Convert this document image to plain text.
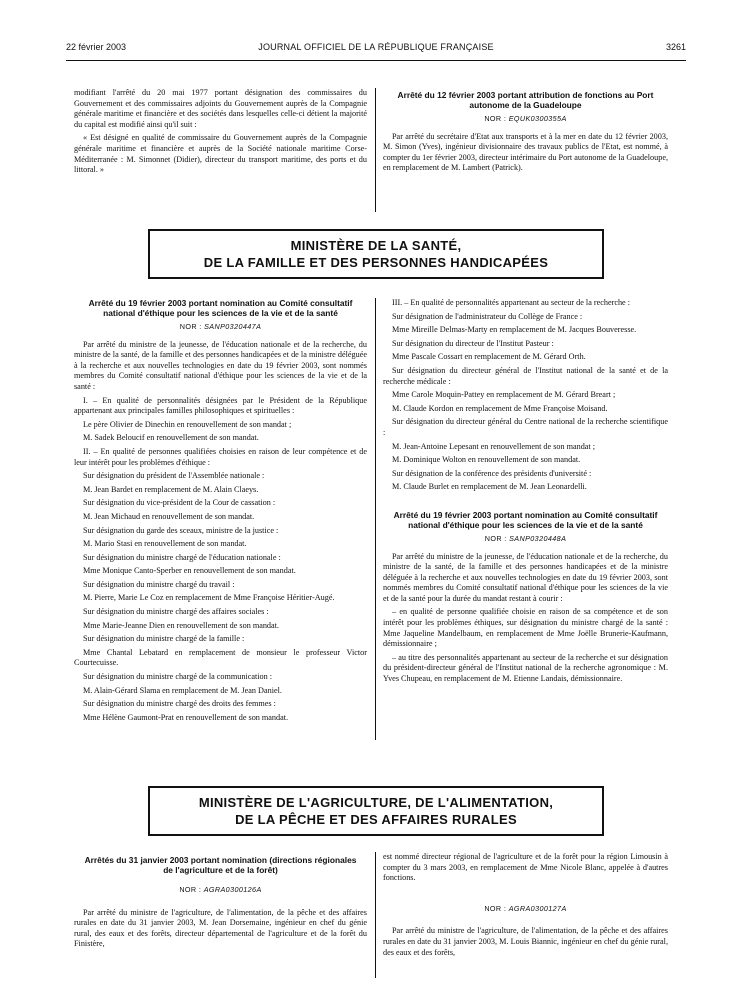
22 février 2003	JOURNAL OFFICIEL DE LA RÉPUBLIQUE FRANÇAISE	3261

modifiant l'arrêté du 20 mai 1977 portant désignation des commissaires du Gouvernement et des commissaires adjoints du Gouvernement auprès de la Compagnie générale maritime et financière et des sociétés dans lesquelles celle-ci détient la majorité du capital est modifié ainsi qu'il suit :

« Est désigné en qualité de commissaire du Gouvernement auprès de la Compagnie générale maritime et financière et auprès de la Société nationale maritime Corse-Méditerranée : M. Simonnet (Didier), directeur du transport maritime, des ports et du littoral. »

Arrêté du 12 février 2003 portant attribution de fonctions au Port autonome de la Guadeloupe
NOR : EQUK0300355A

Par arrêté du secrétaire d'Etat aux transports et à la mer en date du 12 février 2003, M. Simon (Yves), ingénieur divisionnaire des travaux publics de l'Etat, est nommé, à compter du 1er février 2003, directeur intérimaire du Port autonome de la Guadeloupe, en remplacement de M. Lambert (Patrick).

MINISTÈRE DE LA SANTÉ,
DE LA FAMILLE ET DES PERSONNES HANDICAPÉES
Arrêté du 19 février 2003 portant nomination au Comité consultatif national d'éthique pour les sciences de la vie et de la santé
NOR : SANP0320447A

Par arrêté du ministre de la jeunesse, de l'éducation nationale et de la recherche, du ministre de la santé, de la famille et des personnes handicapées et de la ministre déléguée à la recherche et aux nouvelles technologies en date du 19 février 2003, sont nommés membres du Comité consultatif national d'éthique pour les sciences de la vie et de la santé :

I. – En qualité de personnalités désignées par le Président de la République appartenant aux principales familles philosophiques et spirituelles :

Le père Olivier de Dinechin en renouvellement de son mandat ;

M. Sadek Beloucif en renouvellement de son mandat.

II. – En qualité de personnes qualifiées choisies en raison de leur compétence et de leur intérêt pour les problèmes d'éthique :

Sur désignation du président de l'Assemblée nationale :

M. Jean Bardet en remplacement de M. Alain Claeys.

Sur désignation du vice-président de la Cour de cassation :

M. Jean Michaud en renouvellement de son mandat.

Sur désignation du garde des sceaux, ministre de la justice :

M. Mario Stasi en renouvellement de son mandat.

Sur désignation du ministre chargé de l'éducation nationale :

Mme Monique Canto-Sperber en renouvellement de son mandat.

Sur désignation du ministre chargé du travail :

M. Pierre, Marie Le Coz en remplacement de Mme Françoise Héritier-Augé.

Sur désignation du ministre chargé des affaires sociales :

Mme Marie-Jeanne Dien en renouvellement de son mandat.

Sur désignation du ministre chargé de la famille :

Mme Chantal Lebatard en remplacement de monsieur le professeur Victor Courtecuisse.

Sur désignation du ministre chargé de la communication :

M. Alain-Gérard Slama en remplacement de M. Jean Daniel.

Sur désignation du ministre chargé des droits des femmes :

Mme Hélène Gaumont-Prat en renouvellement de son mandat.

III. – En qualité de personnalités appartenant au secteur de la recherche :

Sur désignation de l'administrateur du Collège de France :

Mme Mireille Delmas-Marty en remplacement de M. Jacques Bouveresse.

Sur désignation du directeur de l'Institut Pasteur :

Mme Pascale Cossart en remplacement de M. Gérard Orth.

Sur désignation du directeur général de l'Institut national de la santé et de la recherche médicale :

Mme Carole Moquin-Pattey en remplacement de M. Gérard Breart ;

M. Claude Kordon en remplacement de Mme Françoise Moisand.

Sur désignation du directeur général du Centre national de la recherche scientifique :

M. Jean-Antoine Lepesant en renouvellement de son mandat ;

M. Dominique Wolton en renouvellement de son mandat.

Sur désignation de la conférence des présidents d'université :

M. Claude Burlet en remplacement de M. Jean Leonardelli.

Arrêté du 19 février 2003 portant nomination au Comité consultatif national d'éthique pour les sciences de la vie et de la santé
NOR : SANP0320448A

Par arrêté du ministre de la jeunesse, de l'éducation nationale et de la recherche, du ministre de la santé, de la famille et des personnes handicapées et de la ministre déléguée à la recherche et aux nouvelles technologies en date du 19 février 2003, sont nommés membres du Comité consultatif national d'éthique pour les sciences de la vie et de la santé pour la durée du mandat restant à courir :

– en qualité de personne qualifiée choisie en raison de sa compétence et de son intérêt pour les problèmes éthiques, sur désignation du ministre chargé de la santé : Mme Jaqueline Mandelbaum, en remplacement de Mme Joëlle Brunerie-Kaufmann, démissionnaire ;

– au titre des personnalités appartenant au secteur de la recherche et sur désignation du président-directeur général de l'Institut national de la recherche agronomique : M. Yves Chupeau, en remplacement de M. Etienne Landais, démissionnaire.

MINISTÈRE DE L'AGRICULTURE, DE L'ALIMENTATION,
DE LA PÊCHE ET DES AFFAIRES RURALES
Arrêtés du 31 janvier 2003 portant nomination (directions régionales de l'agriculture et de la forêt)
NOR : AGRA0300126A

Par arrêté du ministre de l'agriculture, de l'alimentation, de la pêche et des affaires rurales en date du 31 janvier 2003, M. Jean Dorsemaine, ingénieur en chef du génie rural, des eaux et des forêts, directeur départemental de l'agriculture et de la forêt du Finistère,

est nommé directeur régional de l'agriculture et de la forêt pour la région Limousin à compter du 3 mars 2003, en remplacement de Mme Nicole Blanc, appelée à d'autres fonctions.

NOR : AGRA0300127A

Par arrêté du ministre de l'agriculture, de l'alimentation, de la pêche et des affaires rurales en date du 31 janvier 2003, M. Louis Biannic, ingénieur en chef du génie rural, des eaux et des forêts,
